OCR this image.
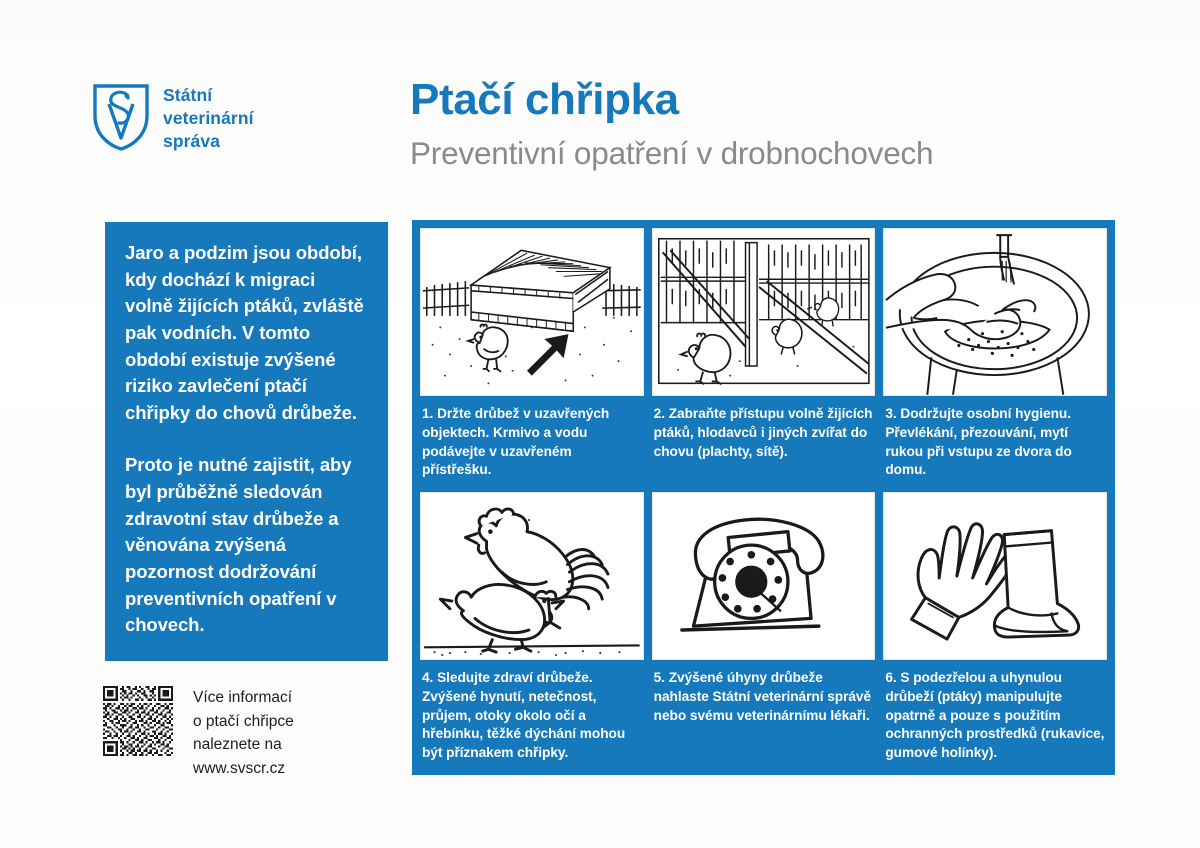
Státní
veterinární
správa
Ptačí chřipka
Preventivní opatření v drobnochovech

Jaro a podzim jsou období, kdy dochází k migraci volně žijících ptáků, zvláště pak vodních. V tomto období existuje zvýšené riziko zavlečení ptačí chřipky do chovů drůbeže.

Proto je nutné zajistit, aby byl průběžně sledován zdravotní stav drůbeže a věnována zvýšená pozornost dodržování preventivních opatření v chovech.

Více informací
o ptačí chřipce
naleznete na
www.svscr.cz
1. Držte drůbež v uzavřených objektech. Krmivo a vodu podávejte v uzavřeném přístřešku.
2. Zabraňte přístupu volně žijících ptáků, hlodavců i jiných zvířat do chovu (plachty, sítě).
3. Dodržujte osobní hygienu. Převlékání, přezouvání, mytí rukou při vstupu ze dvora do domu.
4. Sledujte zdraví drůbeže. Zvýšené hynutí, netečnost, průjem, otoky okolo očí a hřebínku, těžké dýchání mohou být příznakem chřipky.
5. Zvýšené úhyny drůbeže nahlaste Státní veterinární správě nebo svému veterinárnímu lékaři.
6. S podezřelou a uhynulou drůbeží (ptáky) manipulujte opatrně a pouze s použitím ochranných prostředků (rukavice, gumové holínky).
